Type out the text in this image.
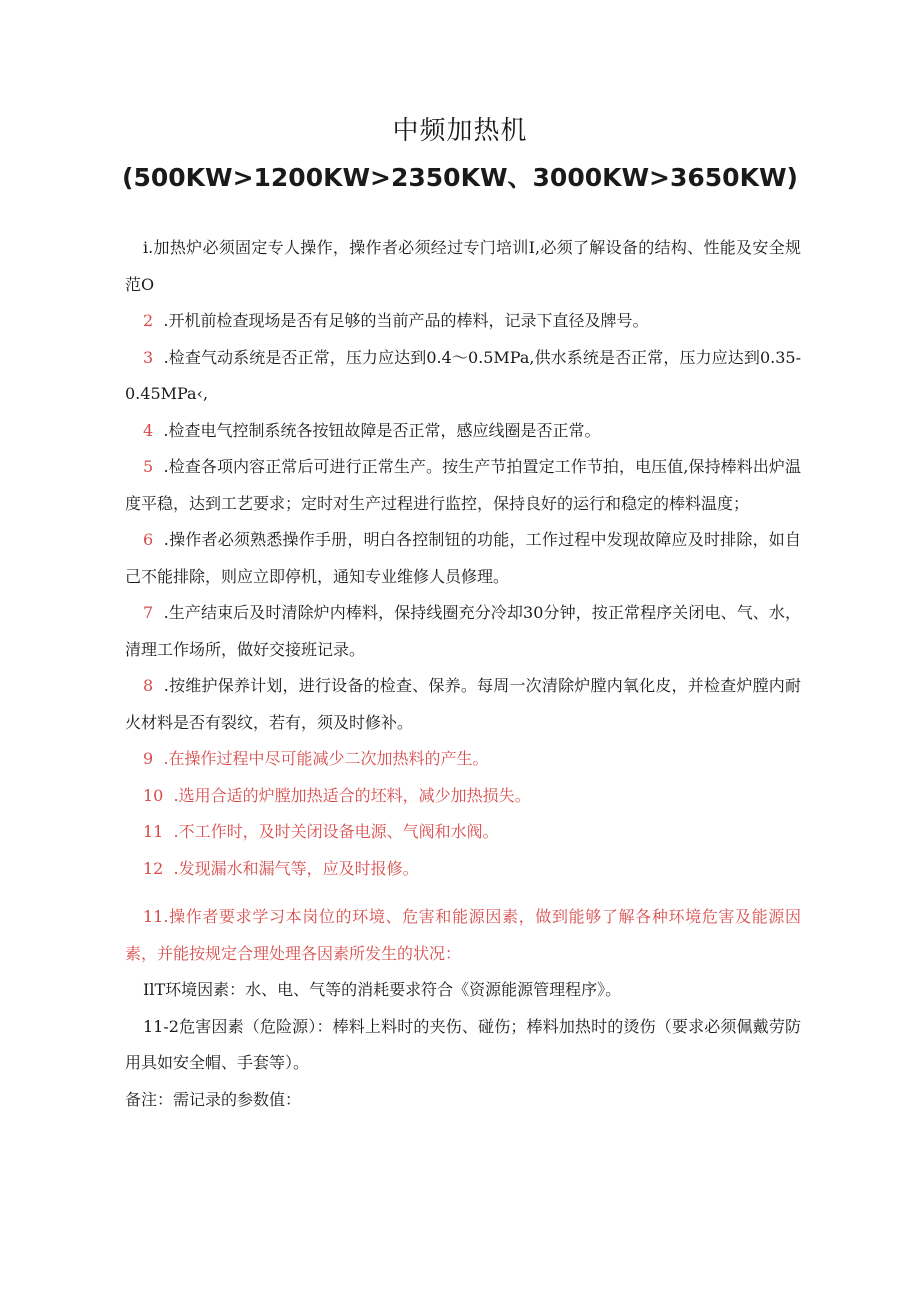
中频加热机
(500KW>1200KW>2350KW、3000KW>3650KW)

i.加热炉必须固定专人操作，操作者必须经过专门培训I,必须了解设备的结构、性能及安全规范O

2 .开机前检查现场是否有足够的当前产品的棒料，记录下直径及牌号。

3 .检查气动系统是否正常，压力应达到0.4～0.5MPa,供水系统是否正常，压力应达到0.35-0.45MPa‹,

4 .检查电气控制系统各按钮故障是否正常，感应线圈是否正常。

5 .检查各项内容正常后可进行正常生产。按生产节拍置定工作节拍，电压值,保持棒料出炉温度平稳，达到工艺要求；定时对生产过程进行监控，保持良好的运行和稳定的棒料温度；

6 .操作者必须熟悉操作手册，明白各控制钮的功能，工作过程中发现故障应及时排除，如自己不能排除，则应立即停机，通知专业维修人员修理。

7 .生产结束后及时清除炉内棒料，保持线圈充分冷却30分钟，按正常程序关闭电、气、水，清理工作场所，做好交接班记录。

8 .按维护保养计划，进行设备的检查、保养。每周一次清除炉膛内氧化皮，并检查炉膛内耐火材料是否有裂纹，若有，须及时修补。

9 .在操作过程中尽可能减少二次加热料的产生。

10 .选用合适的炉膛加热适合的坯料，减少加热损失。

11 .不工作时，及时关闭设备电源、气阀和水阀。

12 .发现漏水和漏气等，应及时报修。

11.操作者要求学习本岗位的环境、危害和能源因素，做到能够了解各种环境危害及能源因素，并能按规定合理处理各因素所发生的状况：

IlT环境因素：水、电、气等的消耗要求符合《资源能源管理程序》。

11-2危害因素（危险源）：棒料上料时的夹伤、碰伤；棒料加热时的烫伤（要求必须佩戴劳防用具如安全帽、手套等）。

备注：需记录的参数值：
